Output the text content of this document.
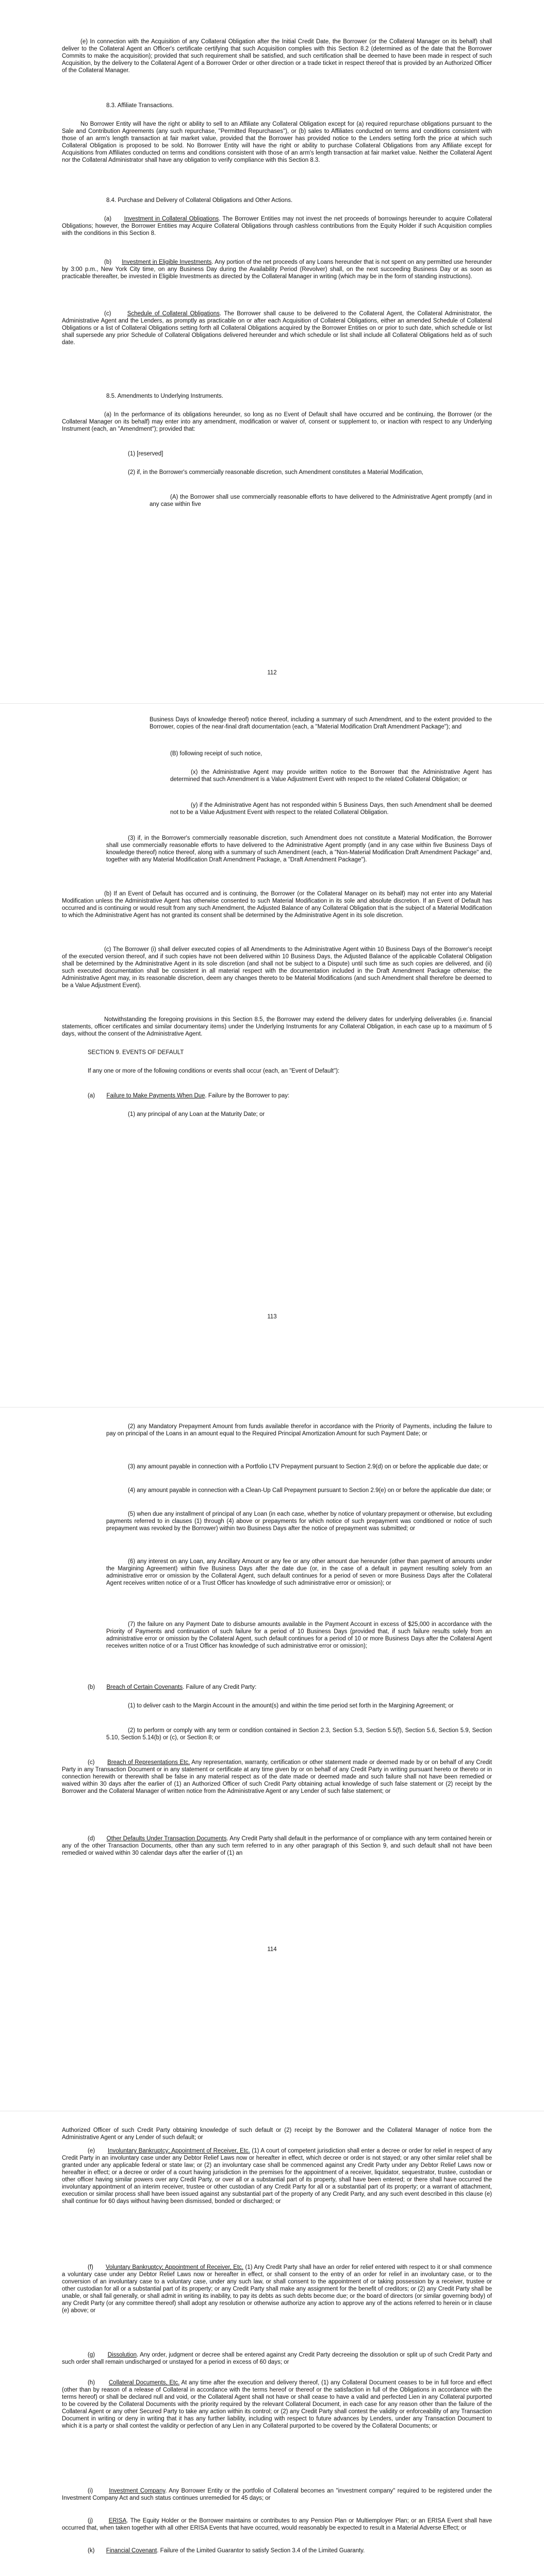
(e) In connection with the Acquisition of any Collateral Obligation after the Initial Credit Date, the Borrower (or the Collateral Manager on its behalf) shall deliver to the Collateral Agent an Officer's certificate certifying that such Acquisition complies with this Section 8.2 (determined as of the date that the Borrower Commits to make the acquisition); provided that such requirement shall be satisfied, and such certification shall be deemed to have been made in respect of such Acquisition, by the delivery to the Collateral Agent of a Borrower Order or other direction or a trade ticket in respect thereof that is provided by an Authorized Officer of the Collateral Manager.

8.3. Affiliate Transactions.

No Borrower Entity will have the right or ability to sell to an Affiliate any Collateral Obligation except for (a) required repurchase obligations pursuant to the Sale and Contribution Agreements (any such repurchase, "Permitted Repurchases"), or (b) sales to Affiliates conducted on terms and conditions consistent with those of an arm's length transaction at fair market value, provided that the Borrower has provided notice to the Lenders setting forth the price at which such Collateral Obligation is proposed to be sold. No Borrower Entity will have the right or ability to purchase Collateral Obligations from any Affiliate except for Acquisitions from Affiliates conducted on terms and conditions consistent with those of an arm's length transaction at fair market value. Neither the Collateral Agent nor the Collateral Administrator shall have any obligation to verify compliance with this Section 8.3.

8.4. Purchase and Delivery of Collateral Obligations and Other Actions.

(a) Investment in Collateral Obligations. The Borrower Entities may not invest the net proceeds of borrowings hereunder to acquire Collateral Obligations; however, the Borrower Entities may Acquire Collateral Obligations through cashless contributions from the Equity Holder if such Acquisition complies with the conditions in this Section 8.

(b) Investment in Eligible Investments. Any portion of the net proceeds of any Loans hereunder that is not spent on any permitted use hereunder by 3:00 p.m., New York City time, on any Business Day during the Availability Period (Revolver) shall, on the next succeeding Business Day or as soon as practicable thereafter, be invested in Eligible Investments as directed by the Collateral Manager in writing (which may be in the form of standing instructions).

(c)	Schedule of Collateral Obligations. The Borrower shall cause to be delivered to the Collateral Agent, the Collateral Administrator, the Administrative Agent and the Lenders, as promptly as practicable on or after each Acquisition of Collateral Obligations, either an amended Schedule of Collateral Obligations or a list of Collateral Obligations setting forth all Collateral Obligations acquired by the Borrower Entities on or prior to such date, which schedule or list shall supersede any prior Schedule of Collateral Obligations delivered hereunder and which schedule or list shall include all Collateral Obligations held as of such date.

8.5. Amendments to Underlying Instruments.

(a) In the performance of its obligations hereunder, so long as no Event of Default shall have occurred and be continuing, the Borrower (or the Collateral Manager on its behalf) may enter into any amendment, modification or waiver of, consent or supplement to, or inaction with respect to any Underlying Instrument (each, an "Amendment"); provided that:

(1) [reserved]

(2) if, in the Borrower's commercially reasonable discretion, such Amendment constitutes a Material Modification,

(A) the Borrower shall use commercially reasonable efforts to have delivered to the Administrative Agent promptly (and in any case within five

112

Business Days of knowledge thereof) notice thereof, including a summary of such Amendment, and to the extent provided to the Borrower, copies of the near-final draft documentation (each, a "Material Modification Draft Amendment Package"); and

(B) following receipt of such notice,

(x) the Administrative Agent may provide written notice to the Borrower that the Administrative Agent has determined that such Amendment is a Value Adjustment Event with respect to the related Collateral Obligation; or

(y) if the Administrative Agent has not responded within 5 Business Days, then such Amendment shall be deemed not to be a Value Adjustment Event with respect to the related Collateral Obligation.

(3) if, in the Borrower's commercially reasonable discretion, such Amendment does not constitute a Material Modification, the Borrower shall use commercially reasonable efforts to have delivered to the Administrative Agent promptly (and in any case within five Business Days of knowledge thereof) notice thereof, along with a summary of such Amendment (each, a "Non-Material Modification Draft Amendment Package" and, together with any Material Modification Draft Amendment Package, a "Draft Amendment Package").

(b) If an Event of Default has occurred and is continuing, the Borrower (or the Collateral Manager on its behalf) may not enter into any Material Modification unless the Administrative Agent has otherwise consented to such Material Modification in its sole and absolute discretion. If an Event of Default has occurred and is continuing or would result from any such Amendment, the Adjusted Balance of any Collateral Obligation that is the subject of a Material Modification to which the Administrative Agent has not granted its consent shall be determined by the Administrative Agent in its sole discretion.

(c) The Borrower (i) shall deliver executed copies of all Amendments to the Administrative Agent within 10 Business Days of the Borrower's receipt of the executed version thereof, and if such copies have not been delivered within 10 Business Days, the Adjusted Balance of the applicable Collateral Obligation shall be determined by the Administrative Agent in its sole discretion (and shall not be subject to a Dispute) until such time as such copies are delivered, and (ii) such executed documentation shall be consistent in all material respect with the documentation included in the Draft Amendment Package otherwise; the Administrative Agent may, in its reasonable discretion, deem any changes thereto to be Material Modifications (and such Amendment shall therefore be deemed to be a Value Adjustment Event).

Notwithstanding the foregoing provisions in this Section 8.5, the Borrower may extend the delivery dates for underlying deliverables (i.e. financial statements, officer certificates and similar documentary items) under the Underlying Instruments for any Collateral Obligation, in each case up to a maximum of 5 days, without the consent of the Administrative Agent.

SECTION 9. EVENTS OF DEFAULT

If any one or more of the following conditions or events shall occur (each, an "Event of Default"):

(a) Failure to Make Payments When Due. Failure by the Borrower to pay:

(1) any principal of any Loan at the Maturity Date; or

113

(2) any Mandatory Prepayment Amount from funds available therefor in accordance with the Priority of Payments, including the failure to pay on principal of the Loans in an amount equal to the Required Principal Amortization Amount for such Payment Date; or

(3) any amount payable in connection with a Portfolio LTV Prepayment pursuant to Section 2.9(d) on or before the applicable due date; or

(4) any amount payable in connection with a Clean-Up Call Prepayment pursuant to Section 2.9(e) on or before the applicable due date; or

(5) when due any installment of principal of any Loan (in each case, whether by notice of voluntary prepayment or otherwise, but excluding payments referred to in clauses (1) through (4) above or prepayments for which notice of such prepayment was conditioned or notice of such prepayment was revoked by the Borrower) within two Business Days after the notice of prepayment was submitted; or

(6) any interest on any Loan, any Ancillary Amount or any fee or any other amount due hereunder (other than payment of amounts under the Margining Agreement) within five Business Days after the date due (or, in the case of a default in payment resulting solely from an administrative error or omission by the Collateral Agent, such default continues for a period of seven or more Business Days after the Collateral Agent receives written notice of or a Trust Officer has knowledge of such administrative error or omission); or

(7) the failure on any Payment Date to disburse amounts available in the Payment Account in excess of $25,000 in accordance with the Priority of Payments and continuation of such failure for a period of 10 Business Days (provided that, if such failure results solely from an administrative error or omission by the Collateral Agent, such default continues for a period of 10 or more Business Days after the Collateral Agent receives written notice of or a Trust Officer has knowledge of such administrative error or omission);

(b) Breach of Certain Covenants. Failure of any Credit Party:

(1) to deliver cash to the Margin Account in the amount(s) and within the time period set forth in the Margining Agreement; or

(2) to perform or comply with any term or condition contained in Section 2.3, Section 5.3, Section 5.5(f), Section 5.6, Section 5.9, Section 5.10, Section 5.14(b) or (c), or Section 8; or

(c) Breach of Representations Etc. Any representation, warranty, certification or other statement made or deemed made by or on behalf of any Credit Party in any Transaction Document or in any statement or certificate at any time given by or on behalf of any Credit Party in writing pursuant hereto or thereto or in connection herewith or therewith shall be false in any material respect as of the date made or deemed made and such failure shall not have been remedied or waived within 30 days after the earlier of (1) an Authorized Officer of such Credit Party obtaining actual knowledge of such false statement or (2) receipt by the Borrower and the Collateral Manager of written notice from the Administrative Agent or any Lender of such false statement; or

(d) Other Defaults Under Transaction Documents. Any Credit Party shall default in the performance of or compliance with any term contained herein or any of the other Transaction Documents, other than any such term referred to in any other paragraph of this Section 9, and such default shall not have been remedied or waived within 30 calendar days after the earlier of (1) an

114

Authorized Officer of such Credit Party obtaining knowledge of such default or (2) receipt by the Borrower and the Collateral Manager of notice from the Administrative Agent or any Lender of such default; or

(e) Involuntary Bankruptcy; Appointment of Receiver, Etc. (1) A court of competent jurisdiction shall enter a decree or order for relief in respect of any Credit Party in an involuntary case under any Debtor Relief Laws now or hereafter in effect, which decree or order is not stayed; or any other similar relief shall be granted under any applicable federal or state law; or (2) an involuntary case shall be commenced against any Credit Party under any Debtor Relief Laws now or hereafter in effect; or a decree or order of a court having jurisdiction in the premises for the appointment of a receiver, liquidator, sequestrator, trustee, custodian or other officer having similar powers over any Credit Party, or over all or a substantial part of its property, shall have been entered; or there shall have occurred the involuntary appointment of an interim receiver, trustee or other custodian of any Credit Party for all or a substantial part of its property; or a warrant of attachment, execution or similar process shall have been issued against any substantial part of the property of any Credit Party, and any such event described in this clause (e) shall continue for 60 days without having been dismissed, bonded or discharged; or

(f) Voluntary Bankruptcy; Appointment of Receiver, Etc. (1) Any Credit Party shall have an order for relief entered with respect to it or shall commence a voluntary case under any Debtor Relief Laws now or hereafter in effect, or shall consent to the entry of an order for relief in an involuntary case, or to the conversion of an involuntary case to a voluntary case, under any such law, or shall consent to the appointment of or taking possession by a receiver, trustee or other custodian for all or a substantial part of its property; or any Credit Party shall make any assignment for the benefit of creditors; or (2) any Credit Party shall be unable, or shall fail generally, or shall admit in writing its inability, to pay its debts as such debts become due; or the board of directors (or similar governing body) of any Credit Party (or any committee thereof) shall adopt any resolution or otherwise authorize any action to approve any of the actions referred to herein or in clause (e) above; or

(g) Dissolution. Any order, judgment or decree shall be entered against any Credit Party decreeing the dissolution or split up of such Credit Party and such order shall remain undischarged or unstayed for a period in excess of 60 days; or

(h) Collateral Documents, Etc. At any time after the execution and delivery thereof, (1) any Collateral Document ceases to be in full force and effect (other than by reason of a release of Collateral in accordance with the terms hereof or thereof or the satisfaction in full of the Obligations in accordance with the terms hereof) or shall be declared null and void, or the Collateral Agent shall not have or shall cease to have a valid and perfected Lien in any Collateral purported to be covered by the Collateral Documents with the priority required by the relevant Collateral Document, in each case for any reason other than the failure of the Collateral Agent or any other Secured Party to take any action within its control; or (2) any Credit Party shall contest the validity or enforceability of any Transaction Document in writing or deny in writing that it has any further liability, including with respect to future advances by Lenders, under any Transaction Document to which it is a party or shall contest the validity or perfection of any Lien in any Collateral purported to be covered by the Collateral Documents; or

(i)	Investment Company. Any Borrower Entity or the portfolio of Collateral becomes an "investment company" required to be registered under the Investment Company Act and such status continues unremedied for 45 days; or

(j)	ERISA. The Equity Holder or the Borrower maintains or contributes to any Pension Plan or Multiemployer Plan; or an ERISA Event shall have occurred that, when taken together with all other ERISA Events that have occurred, would reasonably be expected to result in a Material Adverse Effect; or

(k) Financial Covenant. Failure of the Limited Guarantor to satisfy Section 3.4 of the Limited Guaranty.
